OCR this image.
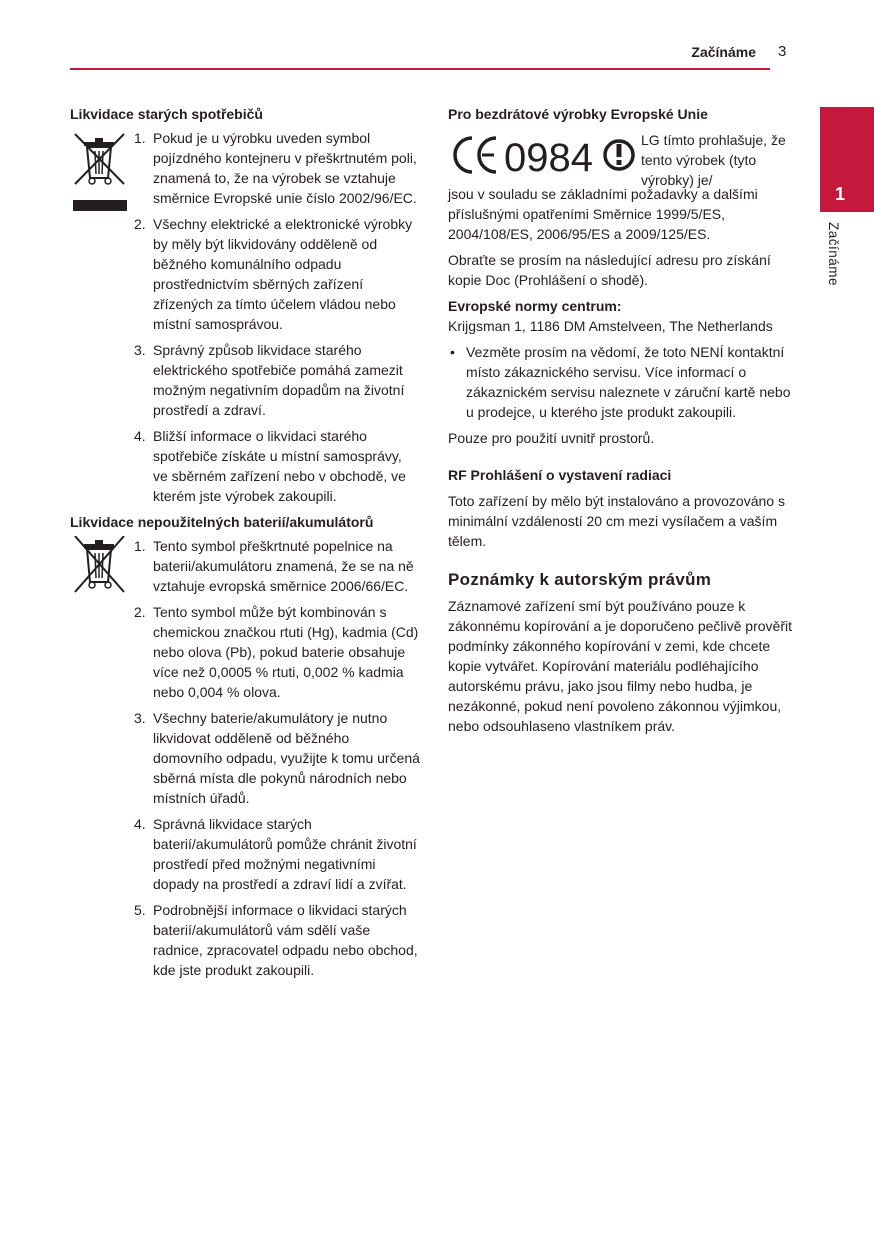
Začínáme 3
1
Začínáme

Likvidace starých spotřebičů

1. Pokud je u výrobku uveden symbol pojízdného kontejneru v přeškrtnutém poli, znamená to, že na výrobek se vztahuje směrnice Evropské unie číslo 2002/96/EC.
2. Všechny elektrické a elektronické výrobky by měly být likvidovány odděleně od běžného komunálního odpadu prostřednictvím sběrných zařízení zřízených za tímto účelem vládou nebo místní samosprávou.
3. Správný způsob likvidace starého elektrického spotřebiče pomáhá zamezit možným negativním dopadům na životní prostředí a zdraví.
4. Bližší informace o likvidaci starého spotřebiče získáte u místní samosprávy, ve sběrném zařízení nebo v obchodě, ve kterém jste výrobek zakoupili.

Likvidace nepoužitelných baterií/akumulátorů

1. Tento symbol přeškrtnuté popelnice na baterii/akumulátoru znamená, že se na ně vztahuje evropská směrnice 2006/66/EC.
2. Tento symbol může být kombinován s chemickou značkou rtuti (Hg), kadmia (Cd) nebo olova (Pb), pokud baterie obsahuje více než 0,0005 % rtuti, 0,002 % kadmia nebo 0,004 % olova.
3. Všechny baterie/akumulátory je nutno likvidovat odděleně od běžného domovního odpadu, využijte k tomu určená sběrná místa dle pokynů národních nebo místních úřadů.
4. Správná likvidace starých baterií/akumulátorů pomůže chránit životní prostředí před možnými negativními dopady na prostředí a zdraví lidí a zvířat.
5. Podrobnější informace o likvidaci starých baterií/akumulátorů vám sdělí vaše radnice, zpracovatel odpadu nebo obchod, kde jste produkt zakoupili.

Pro bezdrátové výrobky Evropské Unie

0984	LG tímto prohlašuje, že tento výrobek (tyto výrobky) je/

jsou v souladu se základními požadavky a dalšími příslušnými opatřeními Směrnice 1999/5/ES, 2004/108/ES, 2006/95/ES a 2009/125/ES.

Obraťte se prosím na následující adresu pro získání kopie Doc (Prohlášení o shodě).

Evropské normy centrum:

Krijgsman 1, 1186 DM Amstelveen, The Netherlands

• Vezměte prosím na vědomí, že toto NENÍ kontaktní místo zákaznického servisu. Více informací o zákaznickém servisu naleznete v záruční kartě nebo u prodejce, u kterého jste produkt zakoupili.

Pouze pro použití uvnitř prostorů.

RF Prohlášení o vystavení radiaci

Toto zařízení by mělo být instalováno a provozováno s minimální vzdáleností 20 cm mezi vysílačem a vaším tělem.

Poznámky k autorským právům

Záznamové zařízení smí být používáno pouze k zákonnému kopírování a je doporučeno pečlivě prověřit podmínky zákonného kopírování v zemi, kde chcete kopie vytvářet. Kopírování materiálu podléhajícího autorskému právu, jako jsou filmy nebo hudba, je nezákonné, pokud není povoleno zákonnou výjimkou, nebo odsouhlaseno vlastníkem práv.
